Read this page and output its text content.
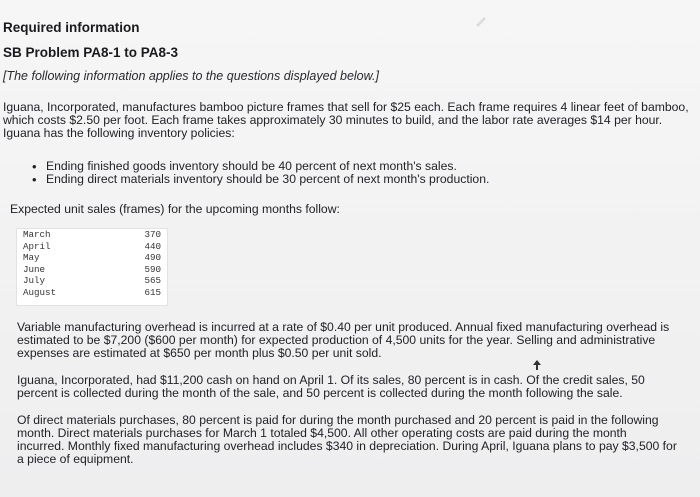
Required information
SB Problem PA8-1 to PA8-3
[The following information applies to the questions displayed below.]
Iguana, Incorporated, manufactures bamboo picture frames that sell for $25 each. Each frame requires 4 linear feet of bamboo, which costs $2.50 per foot. Each frame takes approximately 30 minutes to build, and the labor rate averages $14 per hour. Iguana has the following inventory policies:
• Ending finished goods inventory should be 40 percent of next month's sales.
• Ending direct materials inventory should be 30 percent of next month's production.
Expected unit sales (frames) for the upcoming months follow:
March	370
April	440
May	490
June	590
July	565
August	615
Variable manufacturing overhead is incurred at a rate of $0.40 per unit produced. Annual fixed manufacturing overhead is estimated to be $7,200 ($600 per month) for expected production of 4,500 units for the year. Selling and administrative expenses are estimated at $650 per month plus $0.50 per unit sold.
Iguana, Incorporated, had $11,200 cash on hand on April 1. Of its sales, 80 percent is in cash. Of the credit sales, 50 percent is collected during the month of the sale, and 50 percent is collected during the month following the sale.
Of direct materials purchases, 80 percent is paid for during the month purchased and 20 percent is paid in the following month. Direct materials purchases for March 1 totaled $4,500. All other operating costs are paid during the month incurred. Monthly fixed manufacturing overhead includes $340 in depreciation. During April, Iguana plans to pay $3,500 for a piece of equipment.
